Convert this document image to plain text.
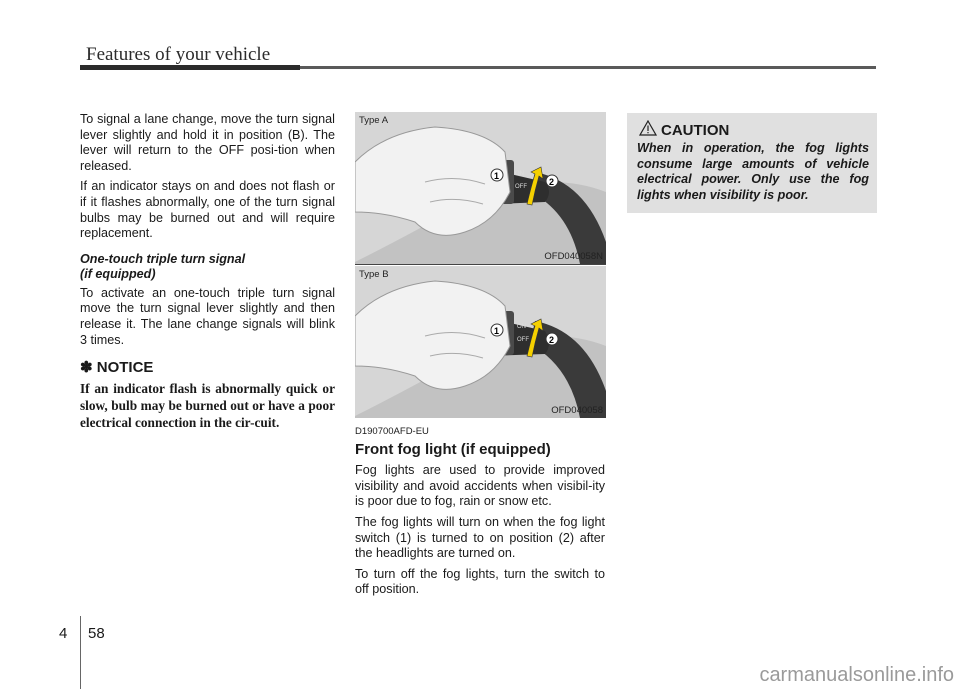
Features of your vehicle

To signal a lane change, move the turn signal lever slightly and hold it in position (B). The lever will return to the OFF posi-tion when released.

If an indicator stays on and does not flash or if it flashes abnormally, one of the turn signal bulbs may be burned out and will require replacement.

One-touch triple turn signal
(if equipped)

To activate an one-touch triple turn signal move the turn signal lever slightly and then release it. The lane change signals will blink 3 times.

✽ NOTICE
If an indicator flash is abnormally quick or slow, bulb may be burned out or have a poor electrical connection in the cir-cuit.
ON
OFF
1
2
Type A
OFD040058N
ON
OFF
1
2
Type B
OFD040058
D190700AFD-EU
Front fog light (if equipped)

Fog lights are used to provide improved visibility and avoid accidents when visibil-ity is poor due to fog, rain or snow etc.

The fog lights will turn on when the fog light switch (1) is turned to on position (2) after the headlights are turned on.

To turn off the fog lights, turn the switch to off position.

CAUTION
When in operation, the fog lights consume large amounts of vehicle electrical power. Only use the fog lights when visibility is poor.
4 58
carmanualsonline.info
